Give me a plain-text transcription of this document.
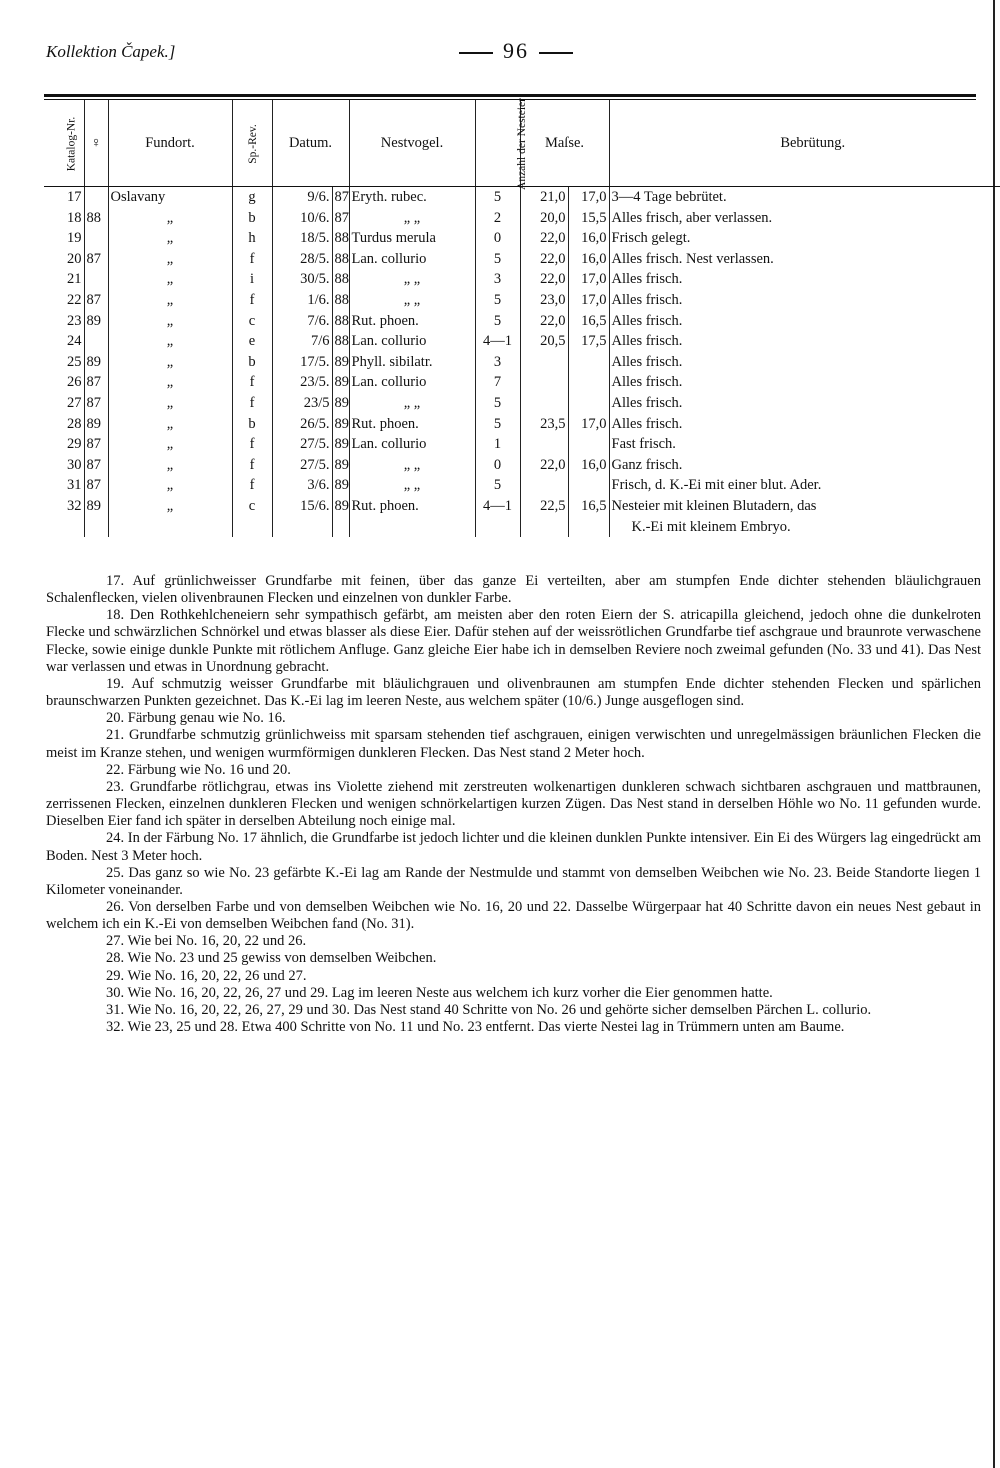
Kollektion Čapek.]	96
Katalog-Nr.	♀	Fundort.	Sp.-Rev.	Datum.		Nestvogel.	Anzahl der Nesteier	Maſse.		Bebrütung.
17		Oslavany	g	9/6.	87	Eryth. rubec.	5	21,0	17,0	3—4 Tage bebrütet.
18	88	„	b	10/6.	87	„ „	2	20,0	15,5	Alles frisch, aber verlassen.
19		„	h	18/5.	88	Turdus merula	0	22,0	16,0	Frisch gelegt.
20	87	„	f	28/5.	88	Lan. collurio	5	22,0	16,0	Alles frisch. Nest verlassen.
21		„	i	30/5.	88	„ „	3	22,0	17,0	Alles frisch.
22	87	„	f	1/6.	88	„ „	5	23,0	17,0	Alles frisch.
23	89	„	c	7/6.	88	Rut. phoen.	5	22,0	16,5	Alles frisch.
24		„	e	7/6	88	Lan. collurio	4—1	20,5	17,5	Alles frisch.
25	89	„	b	17/5.	89	Phyll. sibilatr.	3			Alles frisch.
26	87	„	f	23/5.	89	Lan. collurio	7			Alles frisch.
27	87	„	f	23/5	89	„ „	5			Alles frisch.
28	89	„	b	26/5.	89	Rut. phoen.	5	23,5	17,0	Alles frisch.
29	87	„	f	27/5.	89	Lan. collurio	1			Fast frisch.
30	87	„	f	27/5.	89	„ „	0	22,0	16,0	Ganz frisch.
31	87	„	f	3/6.	89	„ „	5			Frisch, d. K.-Ei mit einer blut. Ader.
32	89	„	c	15/6.	89	Rut. phoen.	4—1	22,5	16,5	Nesteier mit kleinen Blutadern, das
										K.-Ei mit kleinem Embryo.

17. Auf grünlichweisser Grundfarbe mit feinen, über das ganze Ei verteilten, aber am stumpfen Ende dichter stehenden bläulichgrauen Schalenflecken, vielen olivenbraunen Flecken und einzelnen von dunkler Farbe.

18. Den Rothkehlcheneiern sehr sympathisch gefärbt, am meisten aber den roten Eiern der S. atricapilla gleichend, jedoch ohne die dunkelroten Flecke und schwärzlichen Schnörkel und etwas blasser als diese Eier. Dafür stehen auf der weissrötlichen Grundfarbe tief aschgraue und braunrote verwaschene Flecke, sowie einige dunkle Punkte mit rötlichem Anfluge. Ganz gleiche Eier habe ich in demselben Reviere noch zweimal gefunden (No. 33 und 41). Das Nest war verlassen und etwas in Unordnung gebracht.

19. Auf schmutzig weisser Grundfarbe mit bläulichgrauen und olivenbraunen am stumpfen Ende dichter stehenden Flecken und spärlichen braunschwarzen Punkten gezeichnet. Das K.-Ei lag im leeren Neste, aus welchem später (10/6.) Junge ausgeflogen sind.

20. Färbung genau wie No. 16.

21. Grundfarbe schmutzig grünlichweiss mit sparsam stehenden tief aschgrauen, einigen verwischten und unregelmässigen bräunlichen Flecken die meist im Kranze stehen, und wenigen wurmförmigen dunkleren Flecken. Das Nest stand 2 Meter hoch.

22. Färbung wie No. 16 und 20.

23. Grundfarbe rötlichgrau, etwas ins Violette ziehend mit zerstreuten wolkenartigen dunkleren schwach sichtbaren aschgrauen und mattbraunen, zerrissenen Flecken, einzelnen dunkleren Flecken und wenigen schnörkelartigen kurzen Zügen. Das Nest stand in derselben Höhle wo No. 11 gefunden wurde. Dieselben Eier fand ich später in derselben Abteilung noch einige mal.

24. In der Färbung No. 17 ähnlich, die Grundfarbe ist jedoch lichter und die kleinen dunklen Punkte intensiver. Ein Ei des Würgers lag eingedrückt am Boden. Nest 3 Meter hoch.

25. Das ganz so wie No. 23 gefärbte K.-Ei lag am Rande der Nestmulde und stammt von demselben Weibchen wie No. 23. Beide Standorte liegen 1 Kilometer voneinander.

26. Von derselben Farbe und von demselben Weibchen wie No. 16, 20 und 22. Dasselbe Würgerpaar hat 40 Schritte davon ein neues Nest gebaut in welchem ich ein K.-Ei von demselben Weibchen fand (No. 31).

27. Wie bei No. 16, 20, 22 und 26.

28. Wie No. 23 und 25 gewiss von demselben Weibchen.

29. Wie No. 16, 20, 22, 26 und 27.

30. Wie No. 16, 20, 22, 26, 27 und 29. Lag im leeren Neste aus welchem ich kurz vorher die Eier genommen hatte.

31. Wie No. 16, 20, 22, 26, 27, 29 und 30. Das Nest stand 40 Schritte von No. 26 und gehörte sicher demselben Pärchen L. collurio.

32. Wie 23, 25 und 28. Etwa 400 Schritte von No. 11 und No. 23 entfernt. Das vierte Nestei lag in Trümmern unten am Baume.
